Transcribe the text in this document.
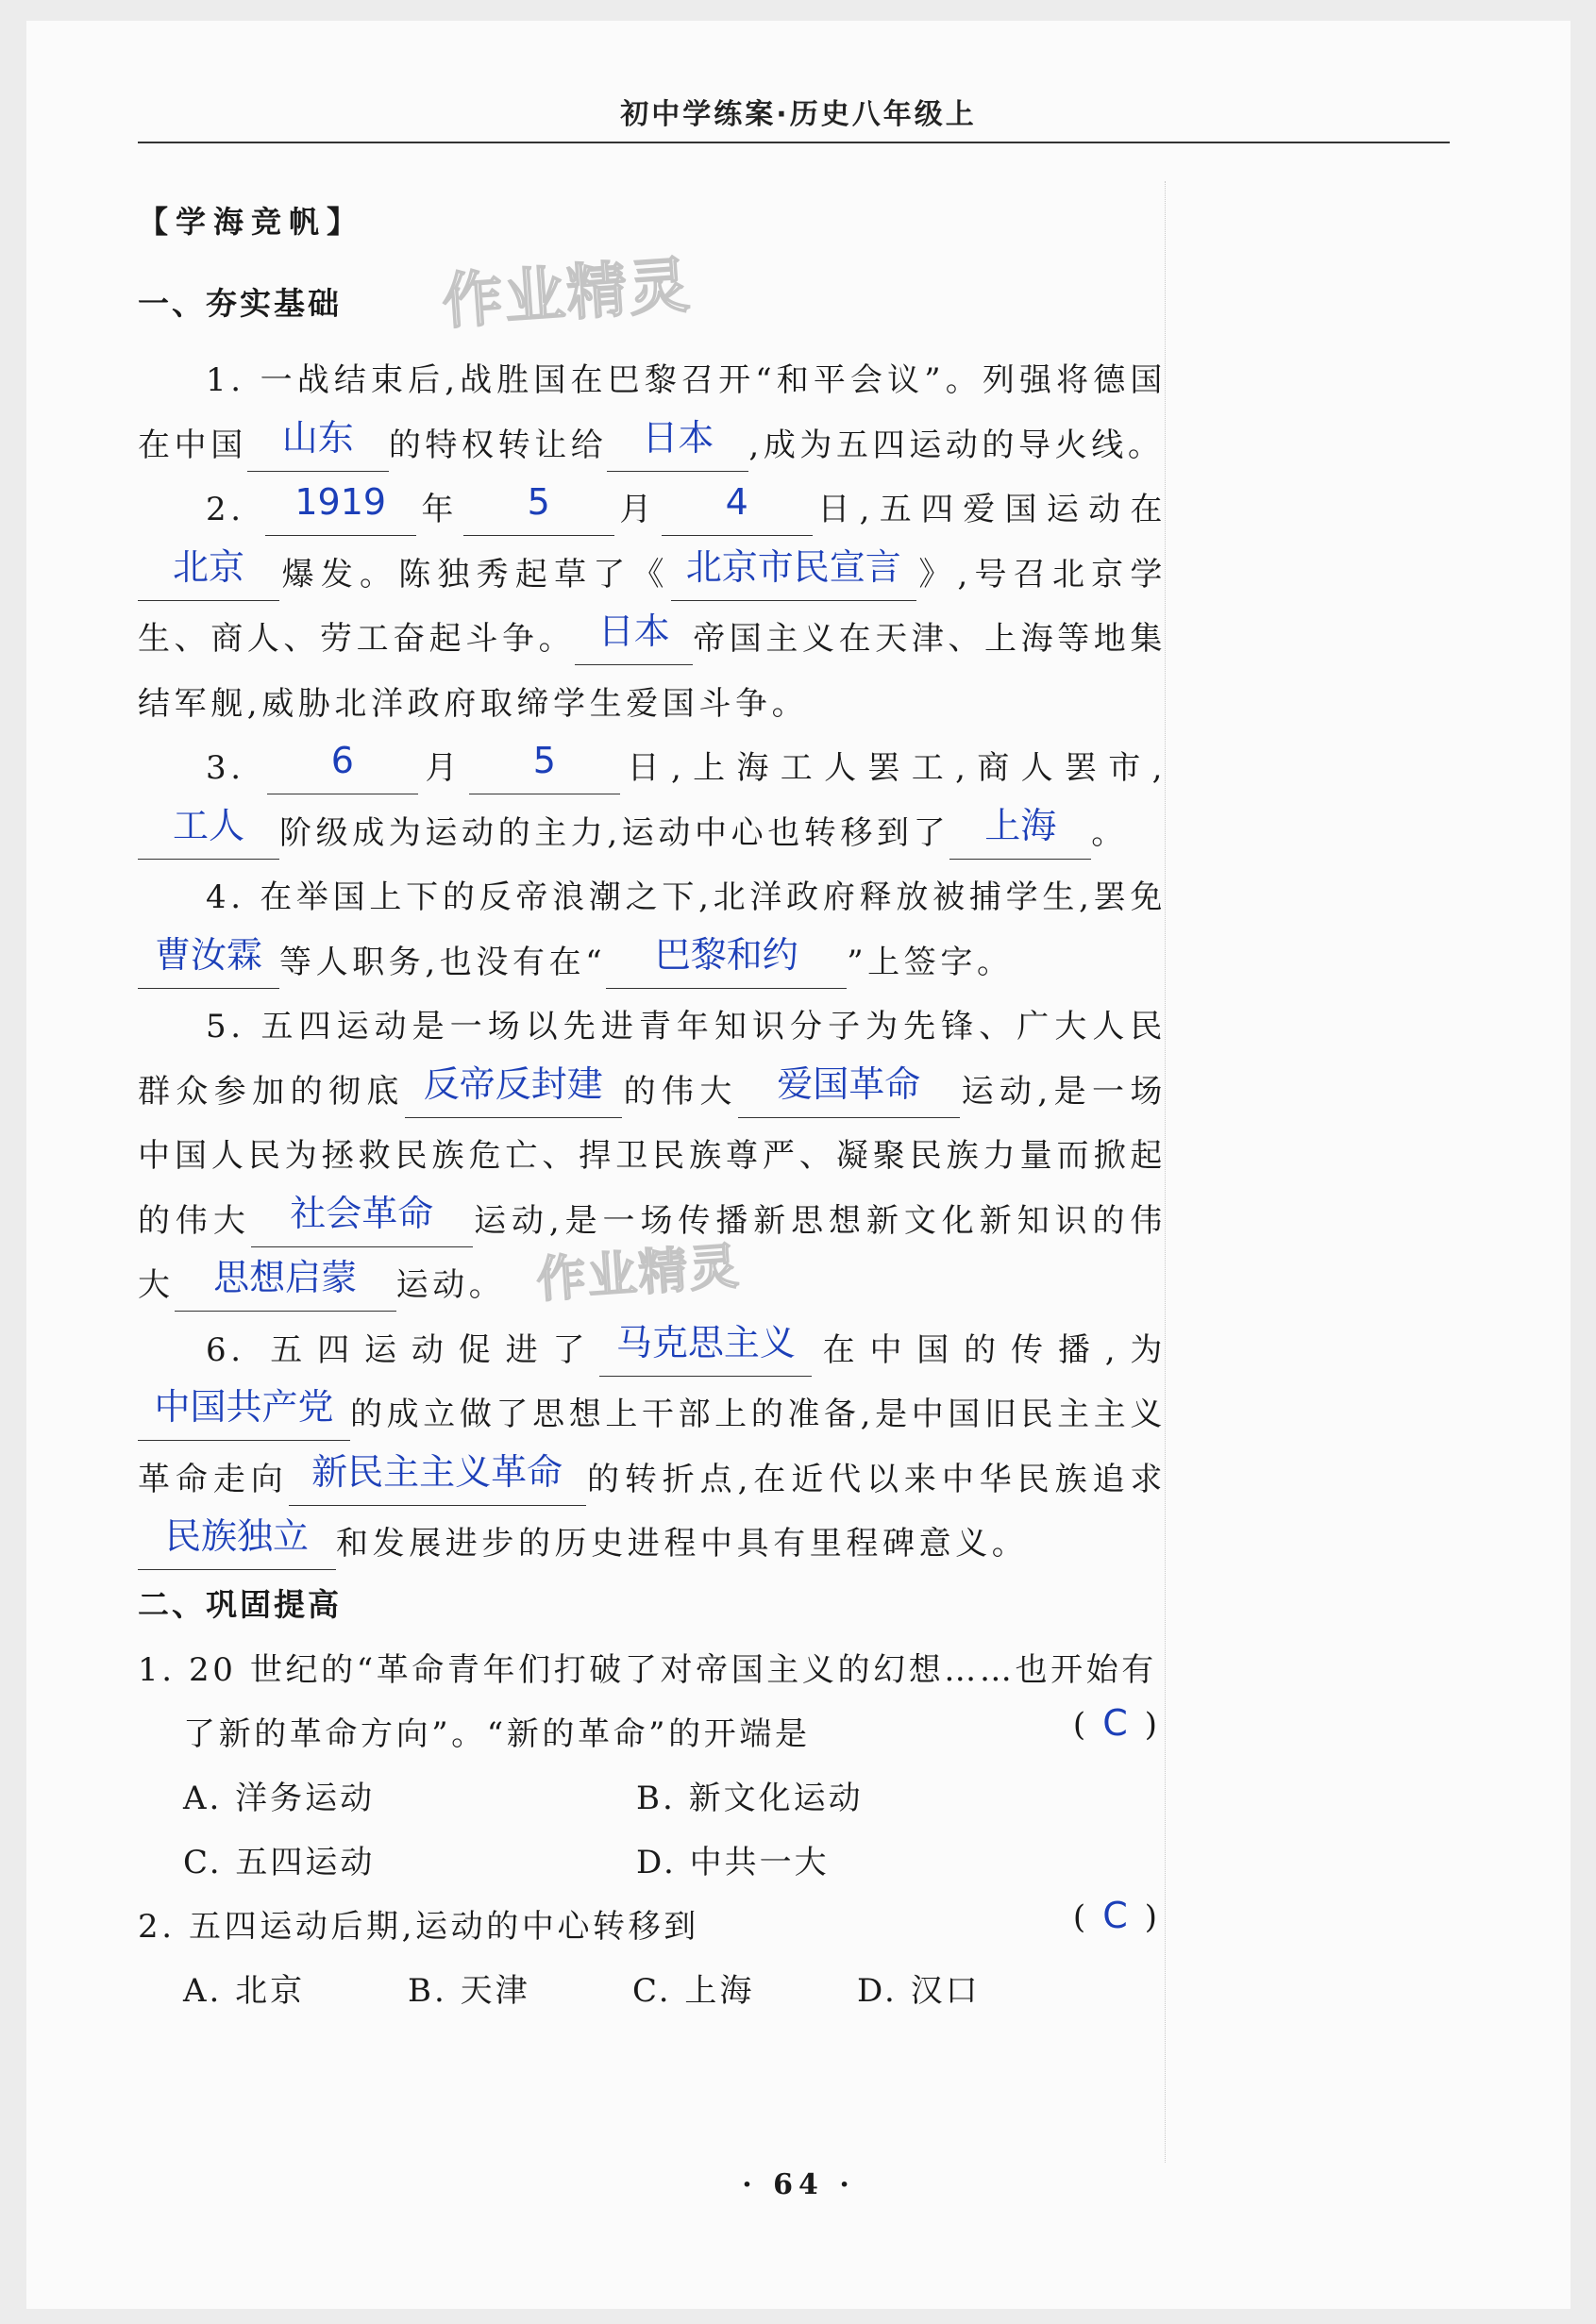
初中学练案·历史八年级上
作业精灵
作业精灵
【学海竞帆】
一、夯实基础

1. 一战结束后,战胜国在巴黎召开“和平会议”。列强将德国在中国 山东 的特权转让给 日本 ,成为五四运动的导火线。

2. 1919 年 5 月 4 日,五四爱国运动在北京 爆发。陈独秀起草了《 北京市民宣言 》,号召北京学生、商人、劳工奋起斗争。 日本 帝国主义在天津、上海等地集结军舰,威胁北洋政府取缔学生爱国斗争。

3. 6 月 5 日,上海工人罢工,商人罢市,工人 阶级成为运动的主力,运动中心也转移到了 上海 。

4. 在举国上下的反帝浪潮之下,北洋政府释放被捕学生,罢免曹汝霖 等人职务,也没有在“ 巴黎和约 ”上签字。

5. 五四运动是一场以先进青年知识分子为先锋、广大人民群众参加的彻底 反帝反封建 的伟大 爱国革命 运动,是一场中国人民为拯救民族危亡、捍卫民族尊严、凝聚民族力量而掀起的伟大 社会革命 运动,是一场传播新思想新文化新知识的伟大 思想启蒙 运动。

6. 五四运动促进了 马克思主义 在中国的传播,为中国共产党 的成立做了思想上干部上的准备,是中国旧民主主义革命走向 新民主主义革命 的转折点,在近代以来中华民族追求民族独立 和发展进步的历史进程中具有里程碑意义。

二、巩固提高

1. 20 世纪的“革命青年们打破了对帝国主义的幻想……也开始有了新的革命方向”。“新的革命”的开端是	( C )
A. 洋务运动	B. 新文化运动
C. 五四运动	D. 中共一大

2. 五四运动后期,运动的中心转移到	( C )
A. 北京	B. 天津	C. 上海	D. 汉口
· 64 ·
